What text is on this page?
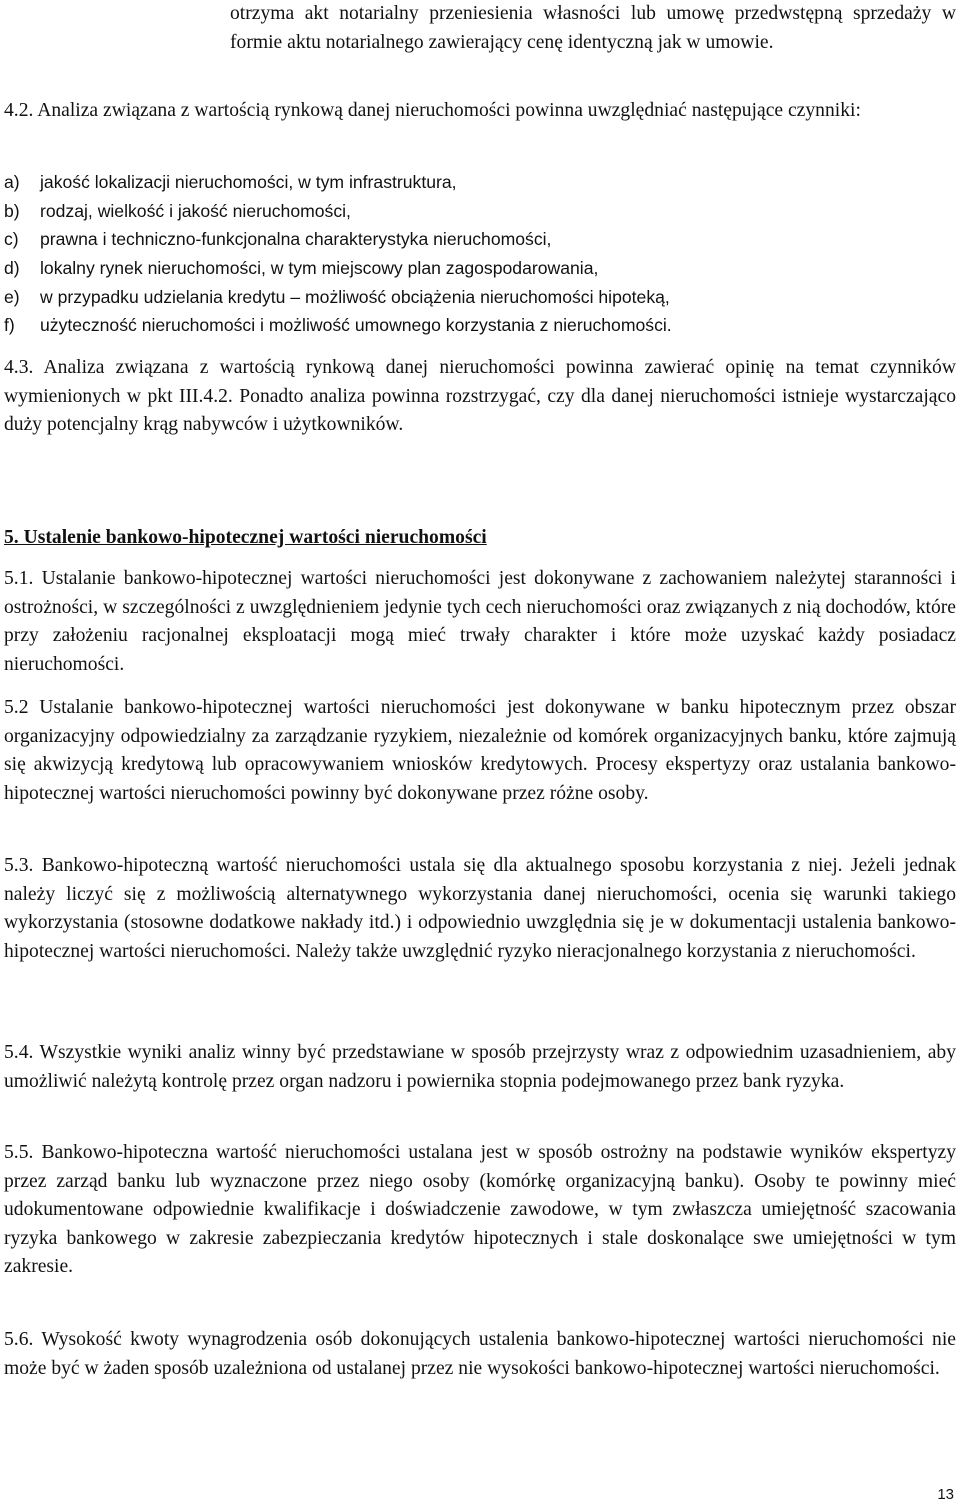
otrzyma akt notarialny przeniesienia własności lub umowę przedwstępną sprzedaży w formie aktu notarialnego zawierający cenę identyczną jak w umowie.

4.2. Analiza związana z wartością rynkową danej nieruchomości powinna uwzględniać następujące czynniki:

a) jakość lokalizacji nieruchomości, w tym infrastruktura,
b) rodzaj, wielkość i jakość nieruchomości,
c) prawna i techniczno-funkcjonalna charakterystyka nieruchomości,
d) lokalny rynek nieruchomości, w tym miejscowy plan zagospodarowania,
e) w przypadku udzielania kredytu – możliwość obciążenia nieruchomości hipoteką,
f) użyteczność nieruchomości i możliwość umownego korzystania z nieruchomości.

4.3. Analiza związana z wartością rynkową danej nieruchomości powinna zawierać opinię na temat czynników wymienionych w pkt III.4.2. Ponadto analiza powinna rozstrzygać, czy dla danej nieruchomości istnieje wystarczająco duży potencjalny krąg nabywców i użytkowników.

5. Ustalenie bankowo-hipotecznej wartości nieruchomości

5.1. Ustalanie bankowo-hipotecznej wartości nieruchomości jest dokonywane z zachowaniem należytej staranności i ostrożności, w szczególności z uwzględnieniem jedynie tych cech nieruchomości oraz związanych z nią dochodów, które przy założeniu racjonalnej eksploatacji mogą mieć trwały charakter i które może uzyskać każdy posiadacz nieruchomości.

5.2 Ustalanie bankowo-hipotecznej wartości nieruchomości jest dokonywane w banku hipotecznym przez obszar organizacyjny odpowiedzialny za zarządzanie ryzykiem, niezależnie od komórek organizacyjnych banku, które zajmują się akwizycją kredytową lub opracowywaniem wniosków kredytowych. Procesy ekspertyzy oraz ustalania bankowo-hipotecznej wartości nieruchomości powinny być dokonywane przez różne osoby.

5.3. Bankowo-hipoteczną wartość nieruchomości ustala się dla aktualnego sposobu korzystania z niej. Jeżeli jednak należy liczyć się z możliwością alternatywnego wykorzystania danej nieruchomości, ocenia się warunki takiego wykorzystania (stosowne dodatkowe nakłady itd.) i odpowiednio uwzględnia się je w dokumentacji ustalenia bankowo-hipotecznej wartości nieruchomości. Należy także uwzględnić ryzyko nieracjonalnego korzystania z nieruchomości.

5.4. Wszystkie wyniki analiz winny być przedstawiane w sposób przejrzysty wraz z odpowiednim uzasadnieniem, aby umożliwić należytą kontrolę przez organ nadzoru i powiernika stopnia podejmowanego przez bank ryzyka.

5.5. Bankowo-hipoteczna wartość nieruchomości ustalana jest w sposób ostrożny na podstawie wyników ekspertyzy przez zarząd banku lub wyznaczone przez niego osoby (komórkę organizacyjną banku). Osoby te powinny mieć udokumentowane odpowiednie kwalifikacje i doświadczenie zawodowe, w tym zwłaszcza umiejętność szacowania ryzyka bankowego w zakresie zabezpieczania kredytów hipotecznych i stale doskonalące swe umiejętności w tym zakresie.

5.6. Wysokość kwoty wynagrodzenia osób dokonujących ustalenia bankowo-hipotecznej wartości nieruchomości nie może być w żaden sposób uzależniona od ustalanej przez nie wysokości bankowo-hipotecznej wartości nieruchomości.

13
